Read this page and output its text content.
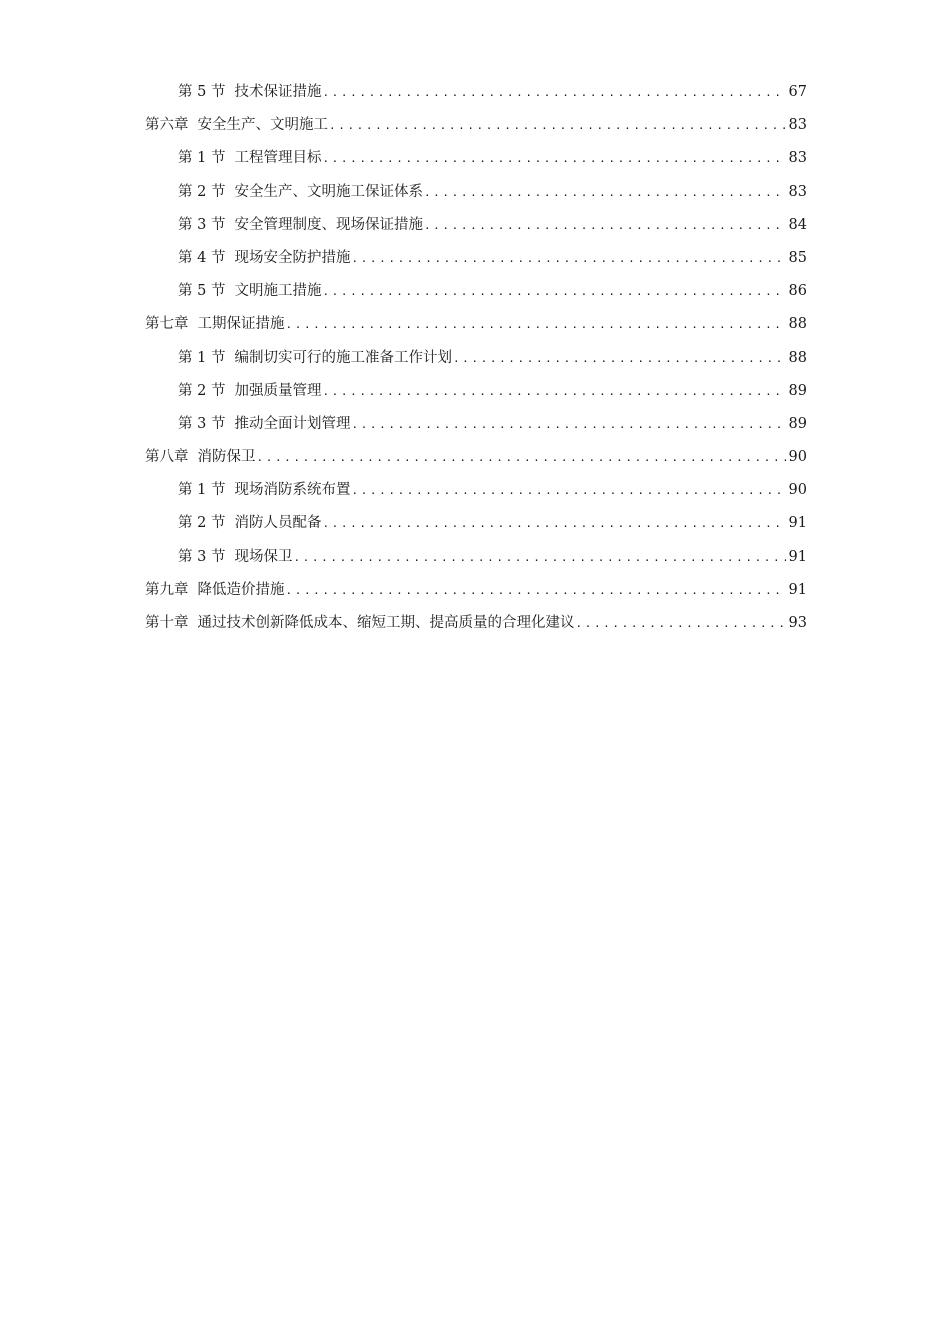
第 5 节 技术保证措施 .....	67
第六章 安全生产、文明施工 .....	83
第 1 节 工程管理目标 .....	83
第 2 节 安全生产、文明施工保证体系 .....	83
第 3 节 安全管理制度、现场保证措施 .....	84
第 4 节 现场安全防护措施 .....	85
第 5 节 文明施工措施 .....	86
第七章 工期保证措施 .....	88
第 1 节 编制切实可行的施工准备工作计划 .....	88
第 2 节 加强质量管理 .....	89
第 3 节 推动全面计划管理 .....	89
第八章 消防保卫 .....	90
第 1 节 现场消防系统布置 .....	90
第 2 节 消防人员配备 .....	91
第 3 节 现场保卫 .....	91
第九章 降低造价措施 .....	91
第十章 通过技术创新降低成本、缩短工期、提高质量的合理化建议 .....	93
